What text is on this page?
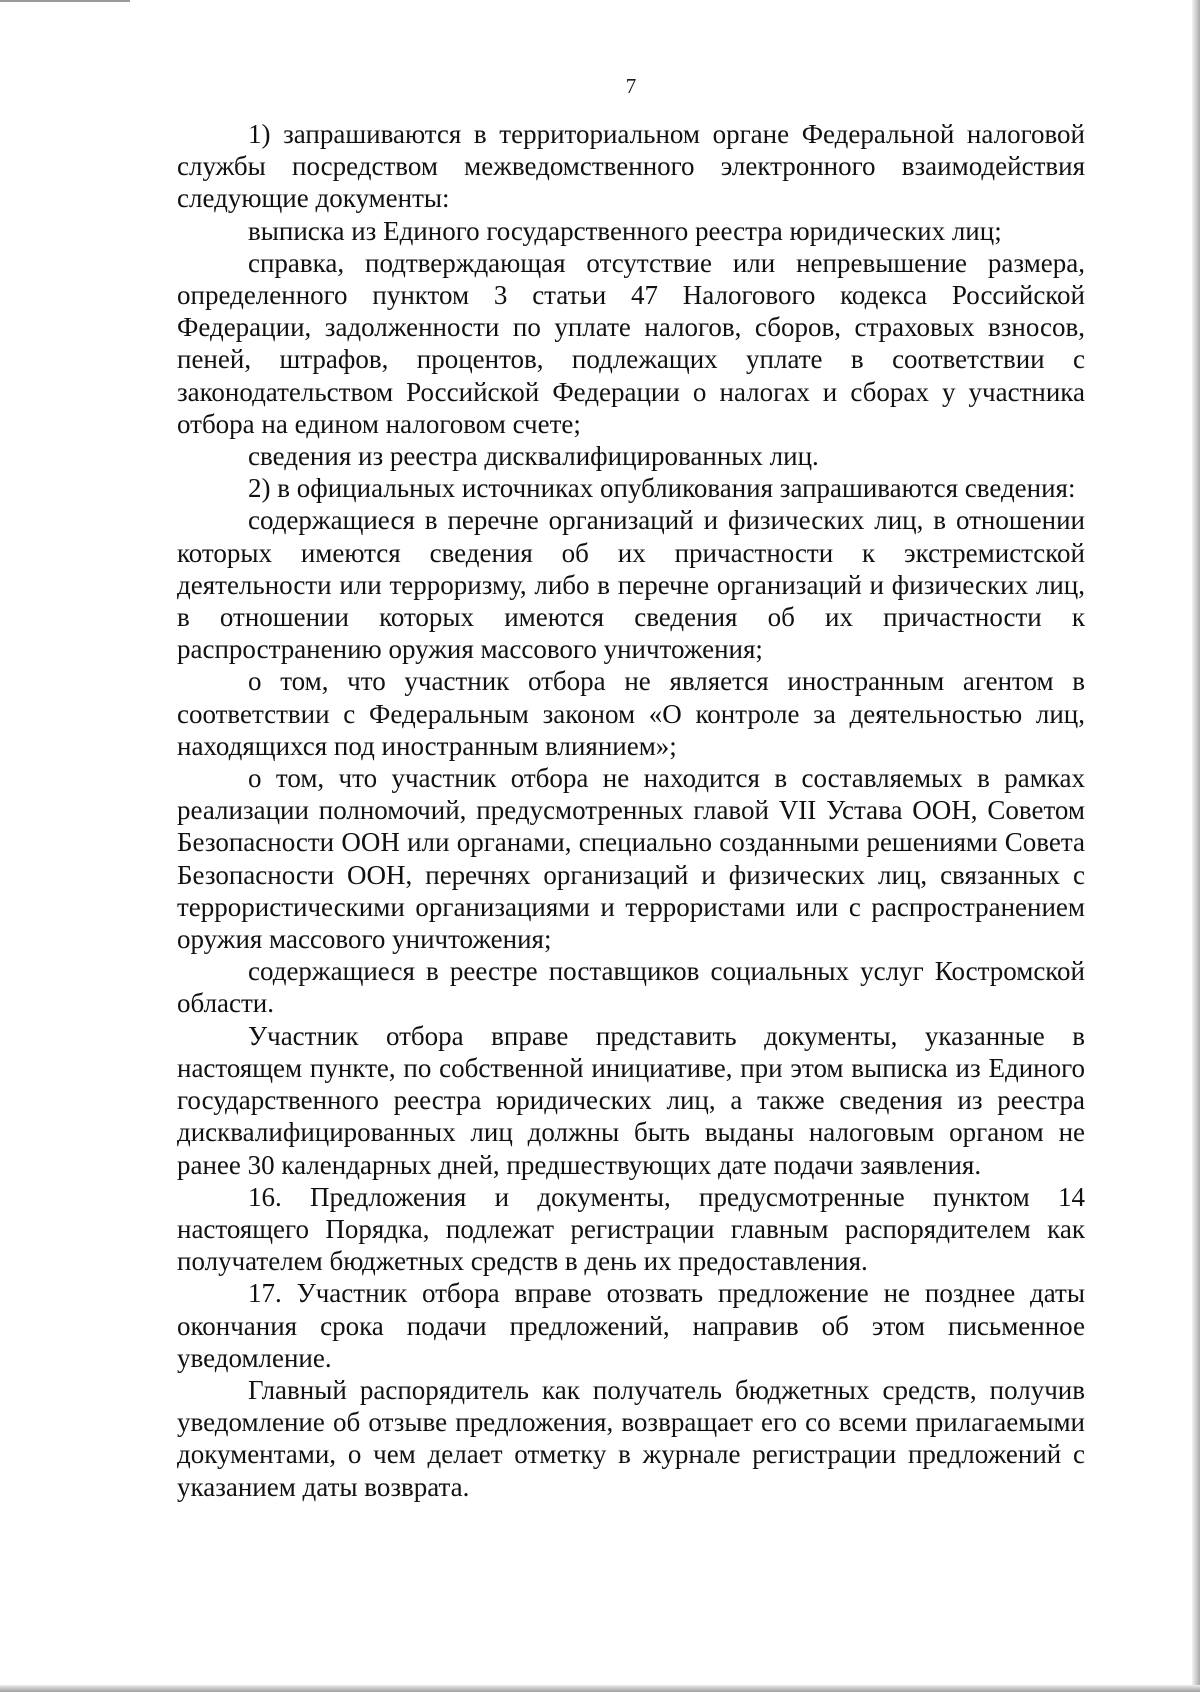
7

1) запрашиваются в территориальном органе Федеральной налоговой службы посредством межведомственного электронного взаимодействия следующие документы:

выписка из Единого государственного реестра юридических лиц;

справка, подтверждающая отсутствие или непревышение размера, определенного пунктом 3 статьи 47 Налогового кодекса Российской Федерации, задолженности по уплате налогов, сборов, страховых взносов, пеней, штрафов, процентов, подлежащих уплате в соответствии с законодательством Российской Федерации о налогах и сборах у участника отбора на едином налоговом счете;

сведения из реестра дисквалифицированных лиц.

2) в официальных источниках опубликования запрашиваются сведения:

содержащиеся в перечне организаций и физических лиц, в отношении которых имеются сведения об их причастности к экстремистской деятельности или терроризму, либо в перечне организаций и физических лиц, в отношении которых имеются сведения об их причастности к распространению оружия массового уничтожения;

о том, что участник отбора не является иностранным агентом в соответствии с Федеральным законом «О контроле за деятельностью лиц, находящихся под иностранным влиянием»;

о том, что участник отбора не находится в составляемых в рамках реализации полномочий, предусмотренных главой VII Устава ООН, Советом Безопасности ООН или органами, специально созданными решениями Совета Безопасности ООН, перечнях организаций и физических лиц, связанных с террористическими организациями и террористами или с распространением оружия массового уничтожения;

содержащиеся в реестре поставщиков социальных услуг Костромской области.

Участник отбора вправе представить документы, указанные в настоящем пункте, по собственной инициативе, при этом выписка из Единого государственного реестра юридических лиц, а также сведения из реестра дисквалифицированных лиц должны быть выданы налоговым органом не ранее 30 календарных дней, предшествующих дате подачи заявления.

16. Предложения и документы, предусмотренные пунктом 14 настоящего Порядка, подлежат регистрации главным распорядителем как получателем бюджетных средств в день их предоставления.

17. Участник отбора вправе отозвать предложение не позднее даты окончания срока подачи предложений, направив об этом письменное уведомление.

Главный распорядитель как получатель бюджетных средств, получив уведомление об отзыве предложения, возвращает его со всеми прилагаемыми документами, о чем делает отметку в журнале регистрации предложений с указанием даты возврата.
